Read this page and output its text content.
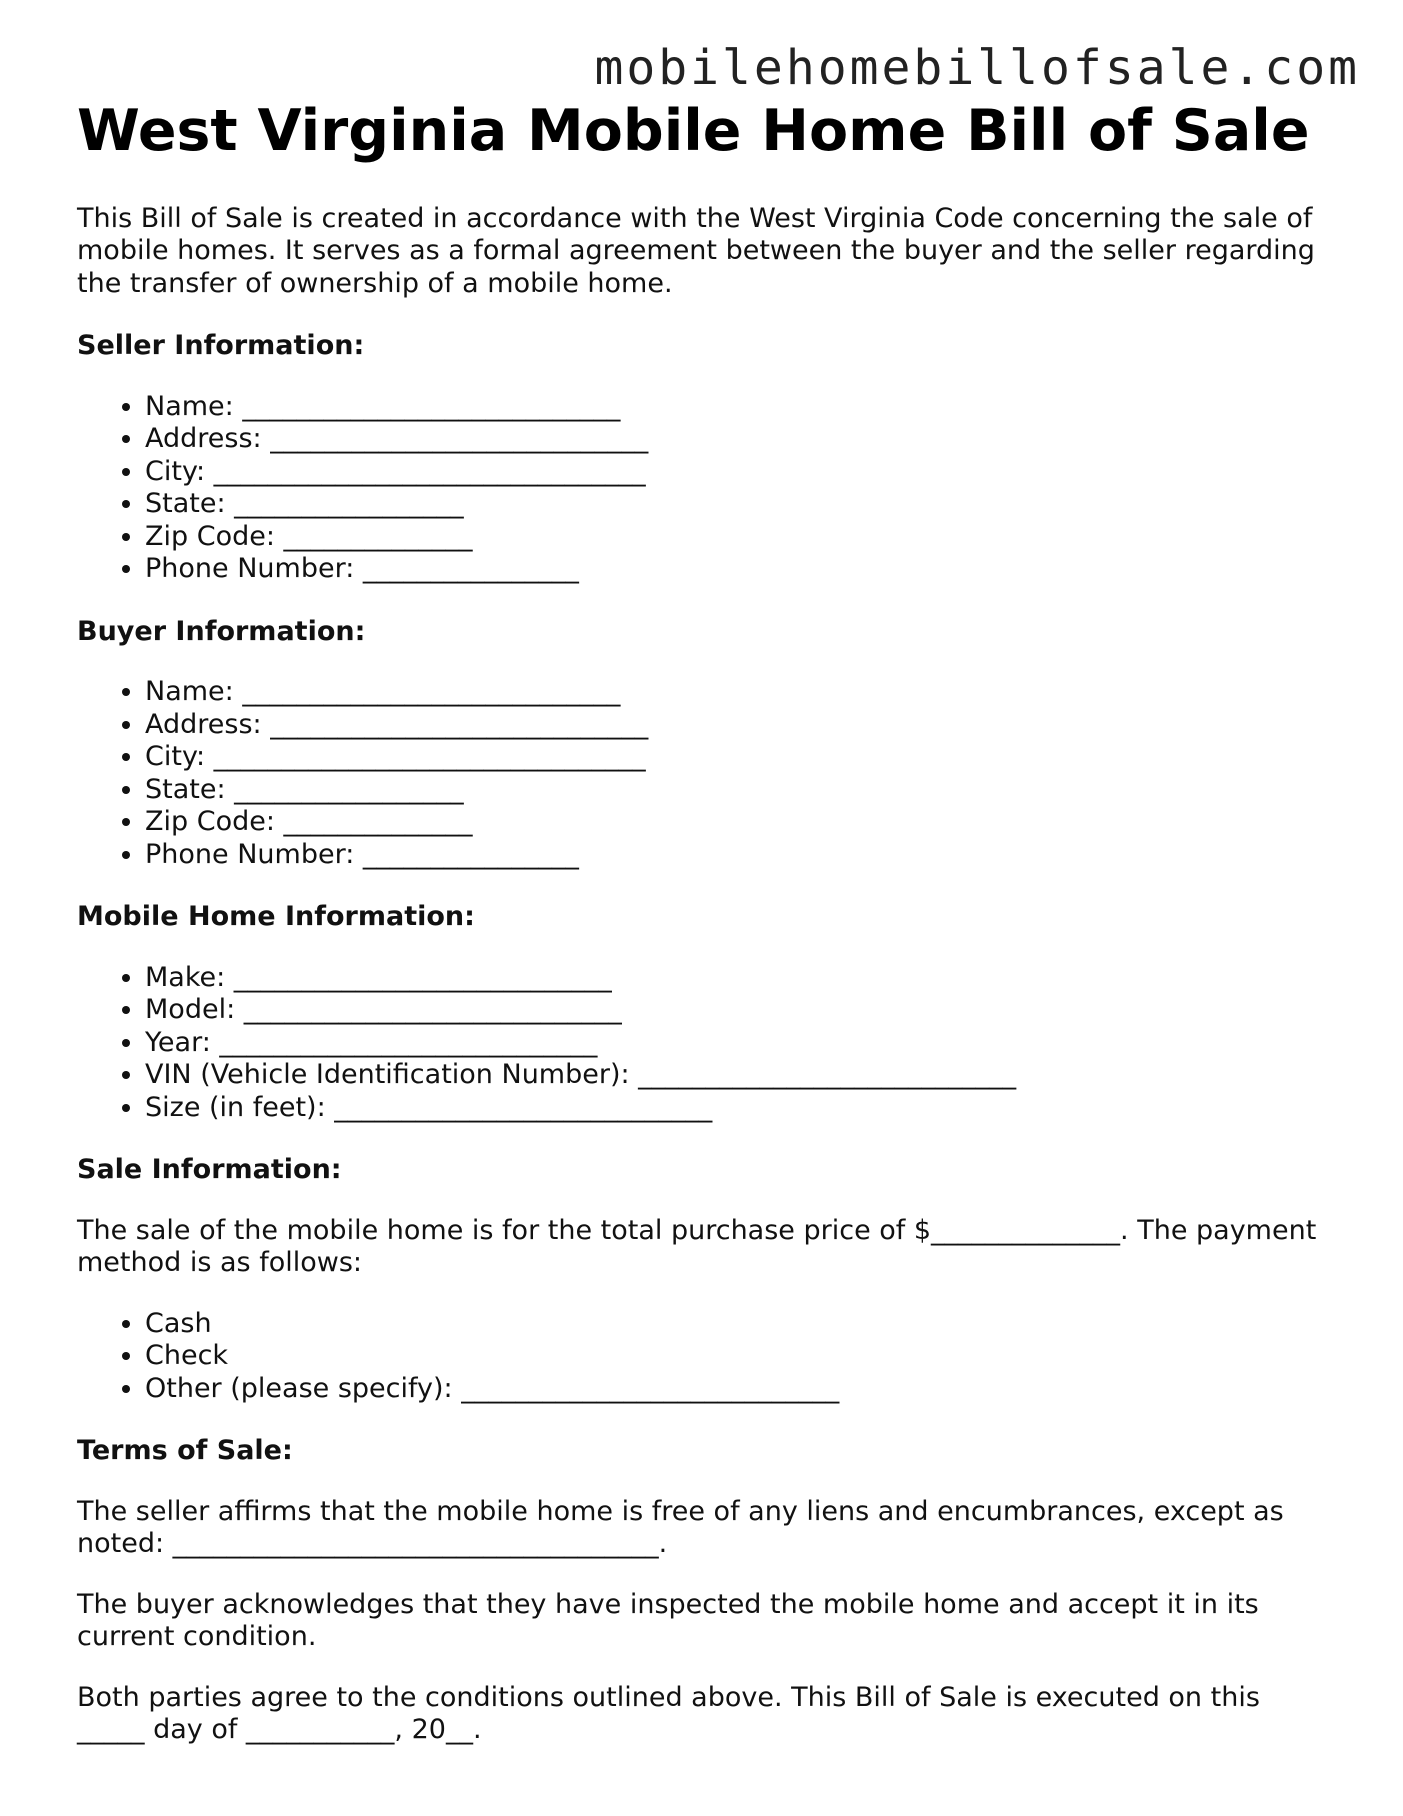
mobilehomebillofsale.com
West Virginia Mobile Home Bill of Sale

This Bill of Sale is created in accordance with the West Virginia Code concerning the sale of mobile homes. It serves as a formal agreement between the buyer and the seller regarding the transfer of ownership of a mobile home.

Seller Information:
• Name: ____________________________
• Address: ____________________________
• City: ________________________________
• State: _________________
• Zip Code: ______________
• Phone Number: ________________
Buyer Information:
• Name: ____________________________
• Address: ____________________________
• City: ________________________________
• State: _________________
• Zip Code: ______________
• Phone Number: ________________
Mobile Home Information:
• Make: ____________________________
• Model: ____________________________
• Year: ____________________________
• VIN (Vehicle Identification Number): ____________________________
• Size (in feet): ____________________________
Sale Information:

The sale of the mobile home is for the total purchase price of $______________. The payment method is as follows:

• Cash
• Check
• Other (please specify): ____________________________
Terms of Sale:

The seller affirms that the mobile home is free of any liens and encumbrances, except as noted: ____________________________________.

The buyer acknowledges that they have inspected the mobile home and accept it in its current condition.

Both parties agree to the conditions outlined above. This Bill of Sale is executed on this _____ day of ___________, 20__.
